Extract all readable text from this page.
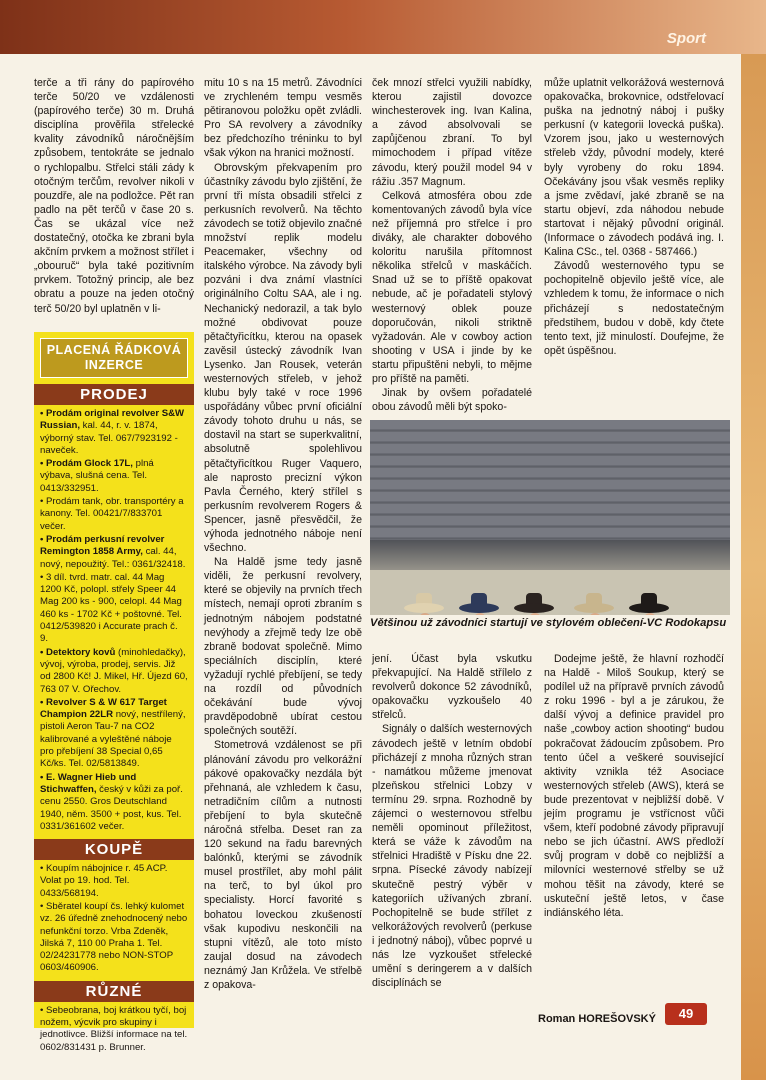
Sport

terče a tři rány do papírového terče 50/20 ve vzdálenosti (papírového terče) 30 m. Druhá disciplína prověřila střelecké kvality závodníků náročnějším způsobem, tentokráte se jednalo o rychlopalbu. Střelci stáli zády k otočným terčům, revolver nikoli v pouzdře, ale na podložce. Pět ran padlo na pět terčů v čase 20 s. Čas se ukázal více než dostatečný, otočka ke zbrani byla akčním prvkem a možnost střílet i „obouruč“ byla také pozitivním prvkem. Totožný princip, ale bez obratu a pouze na jeden otočný terč 50/20 byl uplatněn v li-

PLACENÁ ŘÁDKOVÁ INZERCE
PRODEJ
• Prodám original revolver S&W Russian, kal. 44, r. v. 1874, výborný stav. Tel. 067/7923192 - naveček.
• Prodám Glock 17L, plná výbava, slušná cena. Tel. 0413/332951.
• Prodám tank, obr. transportéry a kanony. Tel. 00421/7/833701 večer.
• Prodám perkusní revolver Remington 1858 Army, cal. 44, nový, nepoužitý. Tel.: 0361/32418.
• 3 díl. tvrd. matr. cal. 44 Mag 1200 Kč, polopl. střely Speer 44 Mag 200 ks - 900, celopl. 44 Mag 460 ks - 1702 Kč + poštovné. Tel. 0412/539820 i Accurate prach č. 9.
• Detektory kovů (minohledačky), vývoj, výroba, prodej, servis. Již od 2800 Kč! J. Mikel, Hř. Újezd 60, 763 07 V. Ořechov.
• Revolver S & W 617 Target Champion 22LR nový, nestřílený, pistoli Aeron Tau-7 na CO2 kalibrované a vyleštěné náboje pro přebíjení 38 Special 0,65 Kč/ks. Tel. 02/5813849.
• E. Wagner Hieb und Stichwaffen, český v kůži za poř. cenu 2550. Gros Deutschland 1940, něm. 3500 + post, kus. Tel. 0331/361602 večer.
KOUPĚ
• Koupím nábojnice r. 45 ACP. Volat po 19. hod. Tel. 0433/568194.
• Sběratel koupí čs. lehký kulomet vz. 26 úředně znehodnocený nebo nefunkční torzo. Vrba Zdeněk, Jilská 7, 110 00 Praha 1. Tel. 02/24231778 nebo NON-STOP 0603/460906.
RŮZNÉ
• Sebeobrana, boj krátkou tyčí, boj nožem, výcvik pro skupiny i jednotlivce. Bližší informace na tel. 0602/831431 p. Brunner.

mitu 10 s na 15 metrů. Závodníci ve zrychleném tempu vesměs pětiranovou položku opět zvládli. Pro SA revolvery a závodníky bez předchozího tréninku to byl však výkon na hranici možností.

Obrovským překvapením pro účastníky závodu bylo zjištění, že první tři místa obsadili střelci z perkusních revolverů. Na těchto závodech se totiž objevilo značné množství replik modelu Peacemaker, všechny od italského výrobce. Na závody byli pozváni i dva známí vlastníci originálního Coltu SAA, ale i ng. Nechanický nedorazil, a tak bylo možné obdivovat pouze pětačtyřicítku, kterou na opasek zavěsil ústecký závodník Ivan Lysenko. Jan Rousek, veterán westernových střeleb, v jehož klubu byly také v roce 1996 uspořádány vůbec první oficiální závody tohoto druhu u nás, se dostavil na start se superkvalitní, absolutně spolehlivou pětačtyřicítkou Ruger Vaquero, ale naprosto precizní výkon Pavla Černého, který střílel s perkusním revolverem Rogers & Spencer, jasně přesvědčil, že výhoda jednotného náboje není všechno.

Na Haldě jsme tedy jasně viděli, že perkusní revolvery, které se objevily na prvních třech místech, nemají oproti zbraním s jednotným nábojem podstatné nevýhody a zřejmě tedy lze obě zbraně bodovat společně. Mimo speciálních disciplín, které vyžadují rychlé přebíjení, se tedy na rozdíl od původních očekávání bude vývoj pravděpodobně ubírat cestou společných soutěží.

Stometrová vzdálenost se při plánování závodu pro velkorážní pákové opakovačky nezdála být přehnaná, ale vzhledem k času, netradičním cílům a nutnosti přebíjení to byla skutečně náročná střelba. Deset ran za 120 sekund na řadu barevných balónků, kterými se závodník musel prostřílet, aby mohl pálit na terč, to byl úkol pro specialisty. Horcí favorité s bohatou loveckou zkušeností však kupodivu neskončili na stupni vítězů, ale toto místo zaujal dosud na závodech neznámý Jan Krůžela. Ve střelbě z opakova-

ček mnozí střelci využili nabídky, kterou zajistil dovozce winchesterovek ing. Ivan Kalina, a závod absolvovali se zapůjčenou zbraní. To byl mimochodem i případ vítěze závodu, který použil model 94 v rážiu .357 Magnum.

Celková atmosféra obou zde komentovaných závodů byla více než příjemná pro střelce i pro diváky, ale charakter dobového koloritu narušila přítomnost několika střelců v maskáčích. Snad už se to příště opakovat nebude, ač je pořadateli stylový westernový oblek pouze doporučován, nikoli striktně vyžadován. Ale v cowboy action shooting v USA i jinde by ke startu připuštěni nebyli, to mějme pro příště na paměti.

Jinak by ovšem pořadatelé obou závodů měli být spoko-

může uplatnit velkorážová westernová opakovačka, brokovnice, odstřelovací puška na jednotný náboj i pušky perkusní (v kategorii lovecká puška). Vzorem jsou, jako u westernových střeleb vždy, původní modely, které byly vyrobeny do roku 1894. Očekávány jsou však vesměs repliky a jsme zvědaví, jaké zbraně se na startu objeví, zda náhodou nebude startovat i nějaký původní originál. (Informace o závodech podává ing. I. Kalina CSc., tel. 0368 - 587466.)

Závodů westernového typu se pochopitelně objevilo ještě více, ale vzhledem k tomu, že informace o nich přicházejí s nedostatečným předstihem, budou v době, kdy čtete tento text, již minulostí. Doufejme, že opět úspěšnou.

Většinou už závodníci startují ve stylovém oblečení-VC Rodokapsu

jení. Účast byla vskutku překvapující. Na Haldě střílelo z revolverů dokonce 52 závodníků, opakovačku vyzkoušelo 40 střelců.

Signály o dalších westernových závodech ještě v letním období přicházejí z mnoha různých stran - namátkou můžeme jmenovat plzeňskou střelnici Lobzy v termínu 29. srpna. Rozhodně by zájemci o westernovou střelbu neměli opominout příležitost, která se váže k závodům na střelnici Hradiště v Písku dne 22. srpna. Písecké závody nabízejí skutečně pestrý výběr v kategoriích užívaných zbraní. Pochopitelně se bude střílet z velkorážových revolverů (perkuse i jednotný náboj), vůbec poprvé u nás lze vyzkoušet střelecké umění s deringerem a v dalších disciplínách se

Dodejme ještě, že hlavní rozhodčí na Haldě - Miloš Soukup, který se podílel už na přípravě prvních závodů z roku 1996 - byl a je zárukou, že další vývoj a definice pravidel pro naše „cowboy action shooting“ budou pokračovat žádoucím způsobem. Pro tento účel a veškeré související aktivity vznikla též Asociace westernových střeleb (AWS), která se bude prezentovat v nejbližší době. V jejím programu je vstřícnost vůči všem, kteří podobné závody připravují nebo se jich účastní. AWS předloží svůj program v době co nejbližší a milovníci westernové střelby se už mohou těšit na závody, které se uskuteční ještě letos, v čase indiánského léta.

Roman HOREŠOVSKÝ	49
